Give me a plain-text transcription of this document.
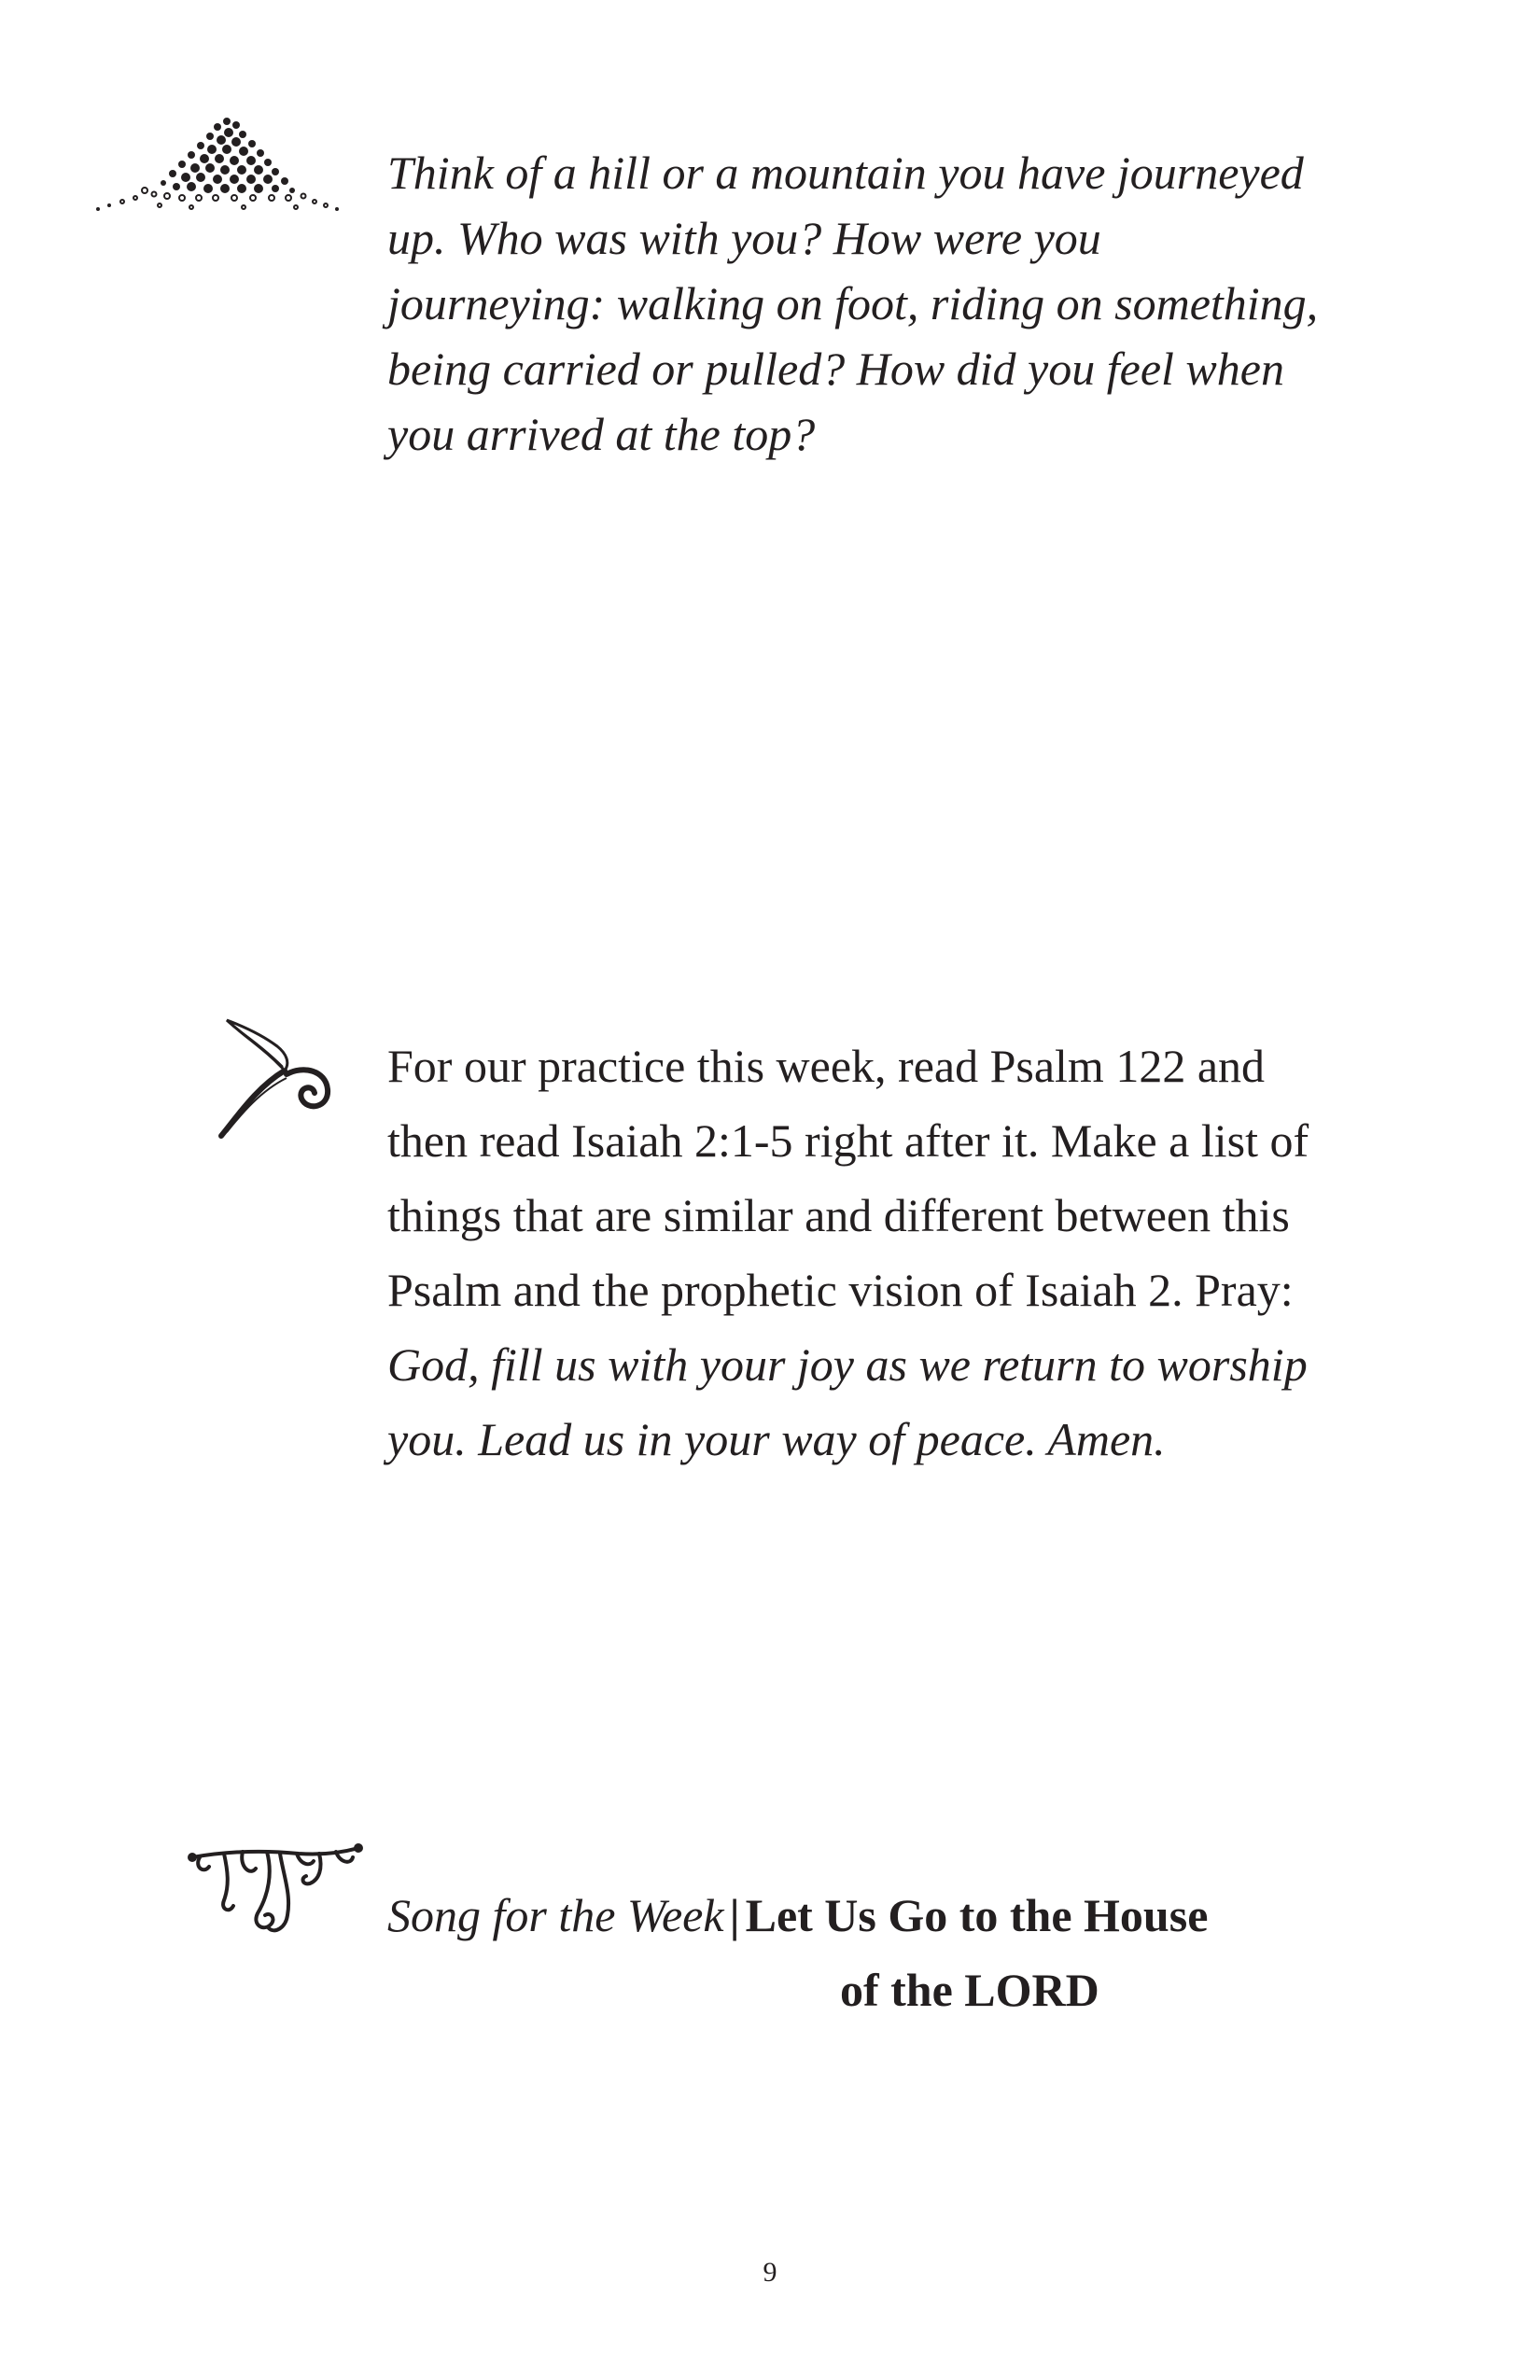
Think of a hill or a mountain you have journeyed up. Who was with you? How were you journeying: walking on foot, riding on something, being carried or pulled? How did you feel when you arrived at the top?
For our practice this week, read Psalm 122 and then read Isaiah 2:1-5 right after it. Make a list of things that are similar and different between this Psalm and the prophetic vision of Isaiah 2. Pray: God, fill us with your joy as we return to worship you. Lead us in your way of peace. Amen.
Song for the Week | Let Us Go to the House
of the LORD
9
